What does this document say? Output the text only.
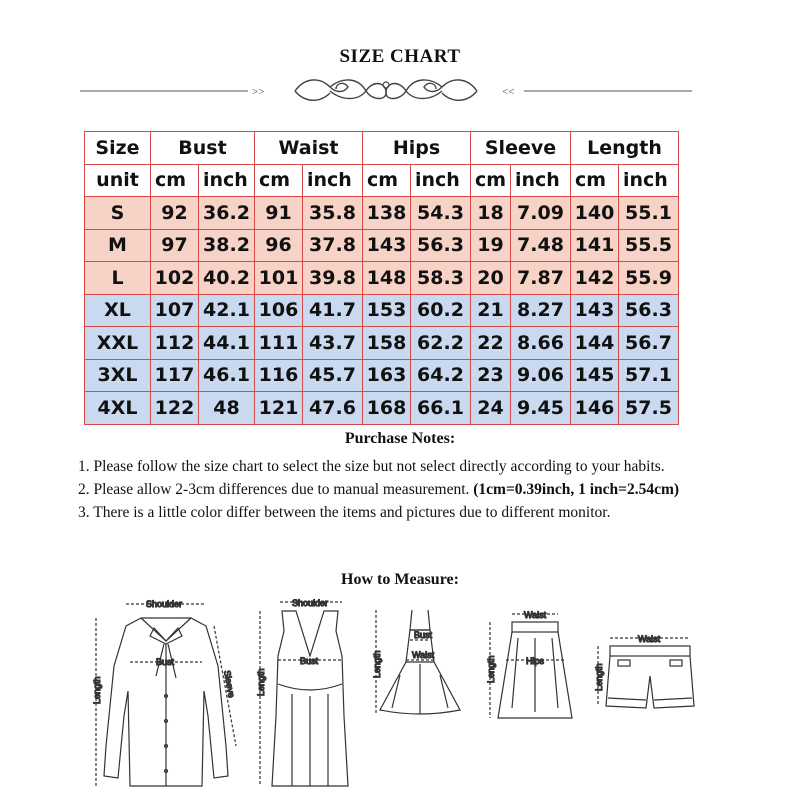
SIZE CHART
>>	<<
Size	Bust		Waist		Hips		Sleeve		Length	
unit	cm	inch	cm	inch	cm	inch	cm	inch	cm	inch
S	92	36.2	91	35.8	138	54.3	18	7.09	140	55.1
M	97	38.2	96	37.8	143	56.3	19	7.48	141	55.5
L	102	40.2	101	39.8	148	58.3	20	7.87	142	55.9
XL	107	42.1	106	41.7	153	60.2	21	8.27	143	56.3
XXL	112	44.1	111	43.7	158	62.2	22	8.66	144	56.7
3XL	117	46.1	116	45.7	163	64.2	23	9.06	145	57.1
4XL	122	48	121	47.6	168	66.1	24	9.45	146	57.5
Purchase Notes:

1. Please follow the size chart to select the size but not select directly according to your habits.

2. Please allow 2-3cm differences due to manual measurement. (1cm=0.39inch, 1 inch=2.54cm)

3. There is a little color differ between the items and pictures due to different monitor.

How to Measure:
Shoulder
Bust
Length	Sleeve
Shoulder
Bust
Length
Bust
Waist
Length
Waist
Hips
Length
Waist
Length
